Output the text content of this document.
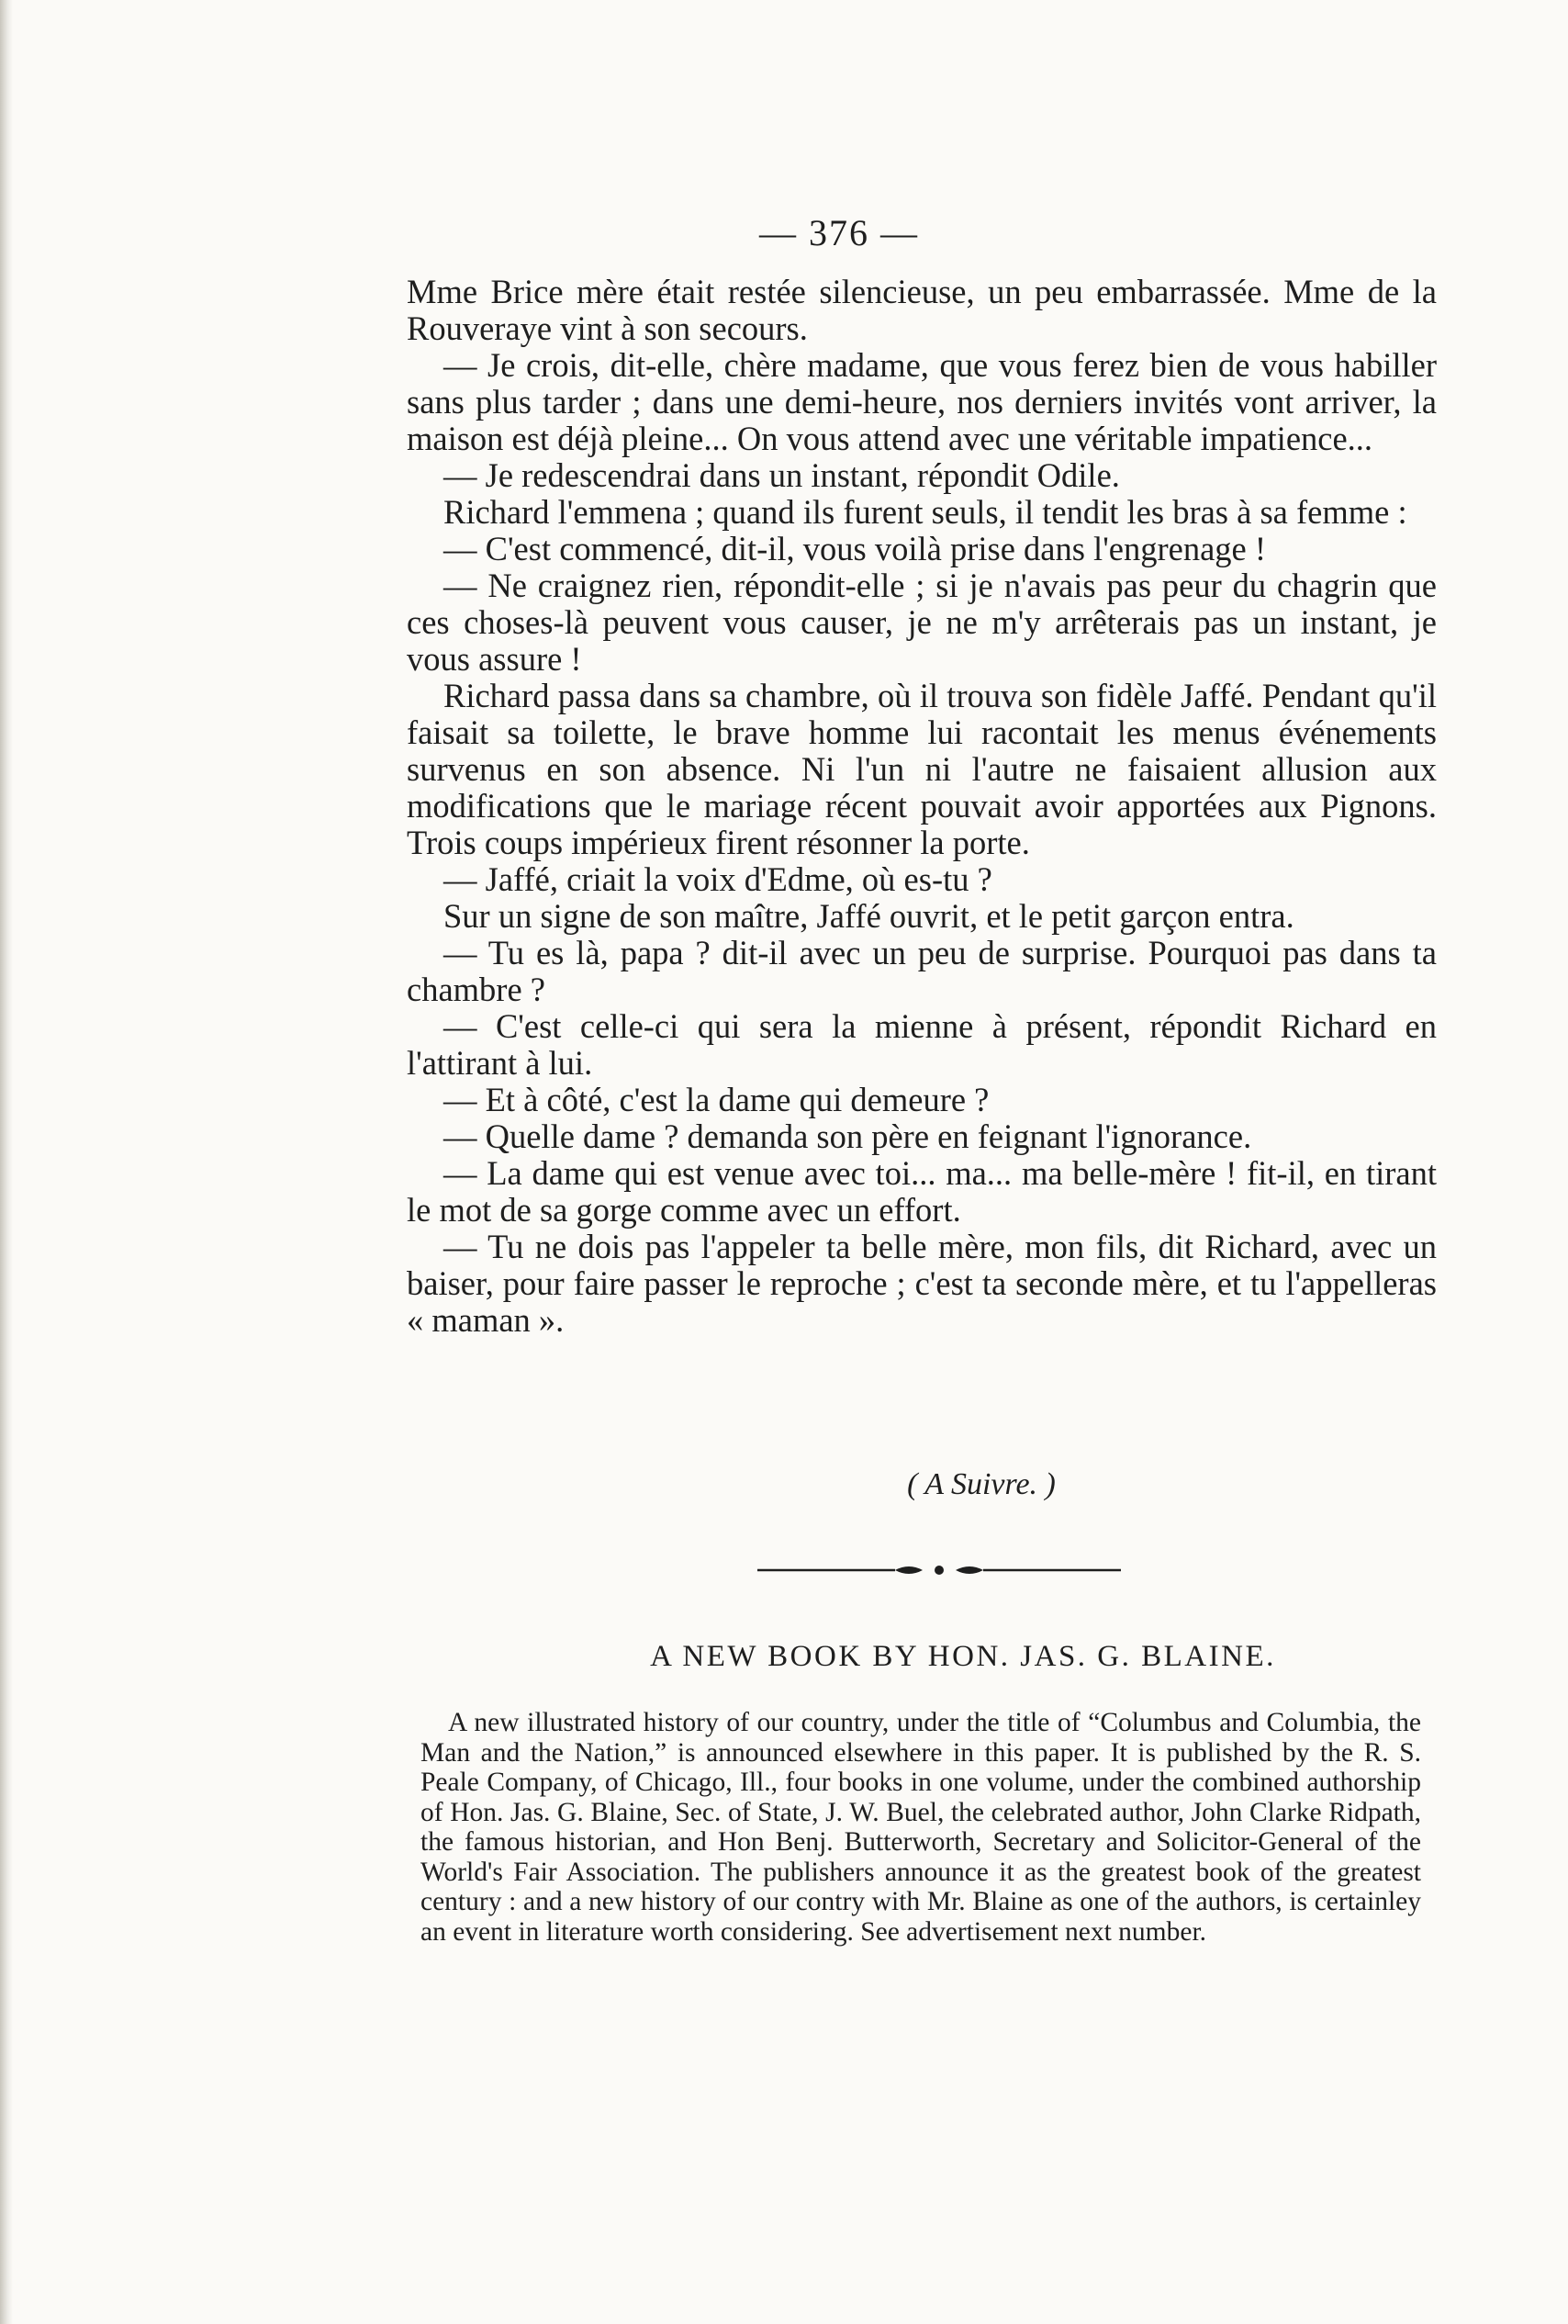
— 376 —

Mme Brice mère était restée silencieuse, un peu embarrassée. Mme de la Rouveraye vint à son secours.

— Je crois, dit-elle, chère madame, que vous ferez bien de vous habiller sans plus tarder ; dans une demi-heure, nos derniers invités vont arriver, la maison est déjà pleine... On vous attend avec une véritable impatience...

— Je redescendrai dans un instant, répondit Odile.

Richard l'emmena ; quand ils furent seuls, il tendit les bras à sa femme :

— C'est commencé, dit-il, vous voilà prise dans l'engrenage !

— Ne craignez rien, répondit-elle ; si je n'avais pas peur du chagrin que ces choses-là peuvent vous causer, je ne m'y arrêterais pas un instant, je vous assure !

Richard passa dans sa chambre, où il trouva son fidèle Jaffé. Pendant qu'il faisait sa toilette, le brave homme lui racontait les menus événements survenus en son absence. Ni l'un ni l'autre ne faisaient allusion aux modifications que le mariage récent pouvait avoir apportées aux Pignons. Trois coups impérieux firent résonner la porte.

— Jaffé, criait la voix d'Edme, où es-tu ?

Sur un signe de son maître, Jaffé ouvrit, et le petit garçon entra.

— Tu es là, papa ? dit-il avec un peu de surprise. Pourquoi pas dans ta chambre ?

— C'est celle-ci qui sera la mienne à présent, répondit Richard en l'attirant à lui.

— Et à côté, c'est la dame qui demeure ?

— Quelle dame ? demanda son père en feignant l'ignorance.

— La dame qui est venue avec toi... ma... ma belle-mère ! fit-il, en tirant le mot de sa gorge comme avec un effort.

— Tu ne dois pas l'appeler ta belle mère, mon fils, dit Richard, avec un baiser, pour faire passer le reproche ; c'est ta seconde mère, et tu l'appelleras « maman ».

( A Suivre. )
A NEW BOOK BY HON. JAS. G. BLAINE.

A new illustrated history of our country, under the title of “Columbus and Columbia, the Man and the Nation,” is announced elsewhere in this paper. It is published by the R. S. Peale Company, of Chicago, Ill., four books in one volume, under the combined authorship of Hon. Jas. G. Blaine, Sec. of State, J. W. Buel, the celebrated author, John Clarke Ridpath, the famous historian, and Hon Benj. Butterworth, Secretary and Solicitor-General of the World's Fair Association. The publishers announce it as the greatest book of the greatest century : and a new history of our contry with Mr. Blaine as one of the authors, is certainley an event in literature worth considering. See advertisement next number.
